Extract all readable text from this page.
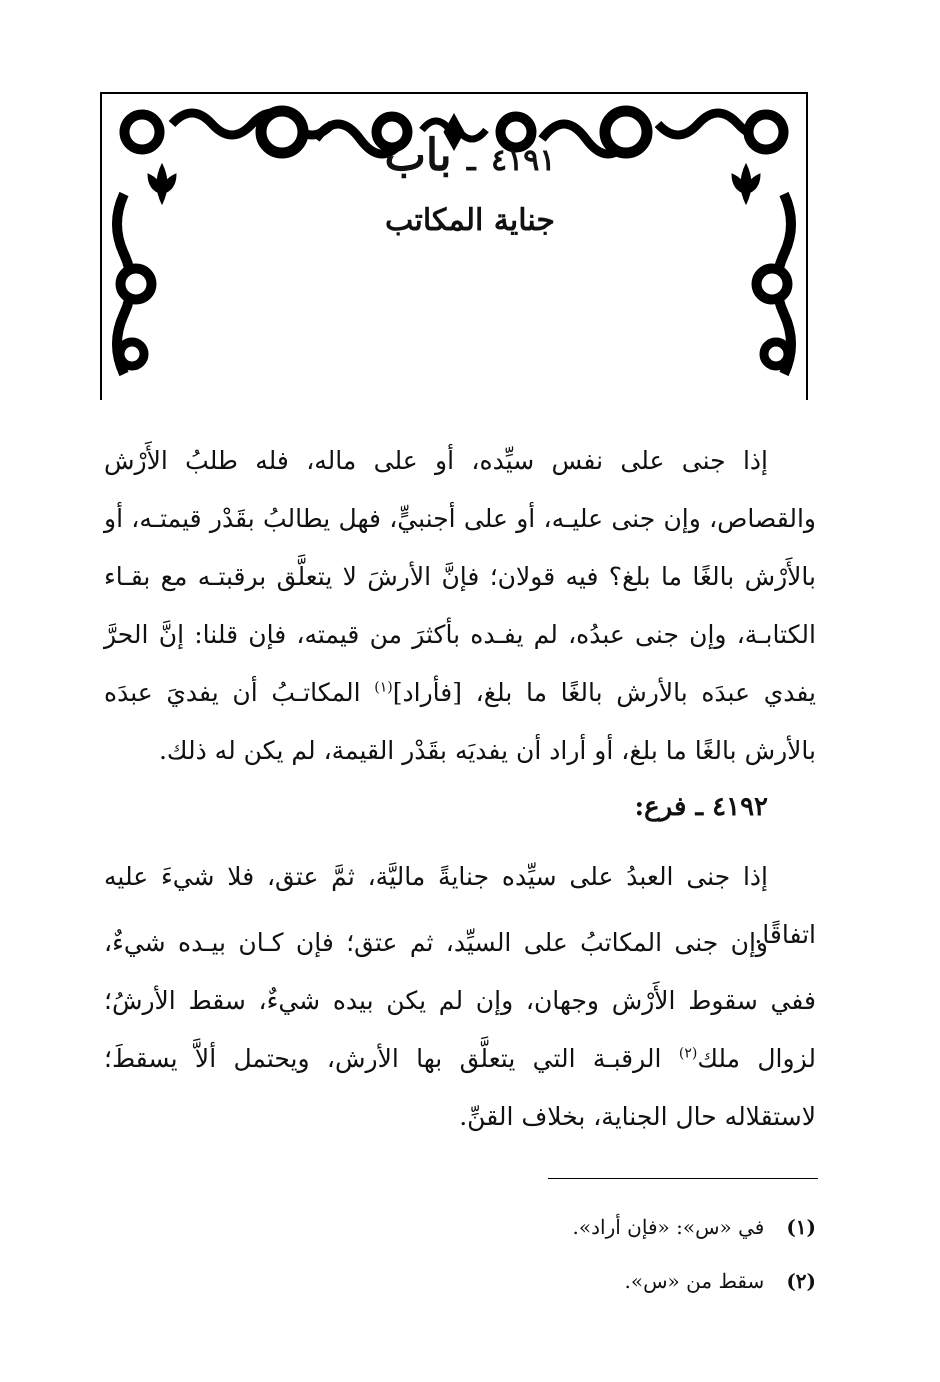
٤١٩١ ـ باب
جناية المكاتب

إذا جنى على نفس سيِّده، أو على ماله، فله طلبُ الأَرْش والقصاص، وإن جنى عليـه، أو على أجنبيٍّ، فهل يطالبُ بقَدْر قيمتـه، أو بالأَرْش بالغًا ما بلغ؟ فيه قولان؛ فإنَّ الأرشَ لا يتعلَّق برقبتـه مع بقـاء الكتابـة، وإن جنى عبدُه، لم يفـده بأكثرَ من قيمته، فإن قلنا: إنَّ الحرَّ يفدي عبدَه بالأرش بالغًا ما بلغ، [فأراد]$^{(١)}$ المكاتـبُ أن يفديَ عبدَه بالأرش بالغًا ما بلغ، أو أراد أن يفديَه بقَدْر القيمة، لم يكن له ذلك.

٤١٩٢ ـ فرع:

إذا جنى العبدُ على سيِّده جنايةً ماليَّة، ثمَّ عتق، فلا شيءَ عليه اتفاقًا.

وإن جنى المكاتبُ على السيِّد، ثم عتق؛ فإن كـان بيـده شيءٌ، ففي سقوط الأَرْش وجهان، وإن لم يكن بيده شيءٌ، سقط الأرشُ؛ لزوال ملك$^{(٢)}$ الرقبـة التي يتعلَّق بها الأرش، ويحتمل ألاَّ يسقطَ؛ لاستقلاله حال الجناية، بخلاف القنِّ.

(١)
في «س»: «فإن أراد».
(٢)
سقط من «س».
